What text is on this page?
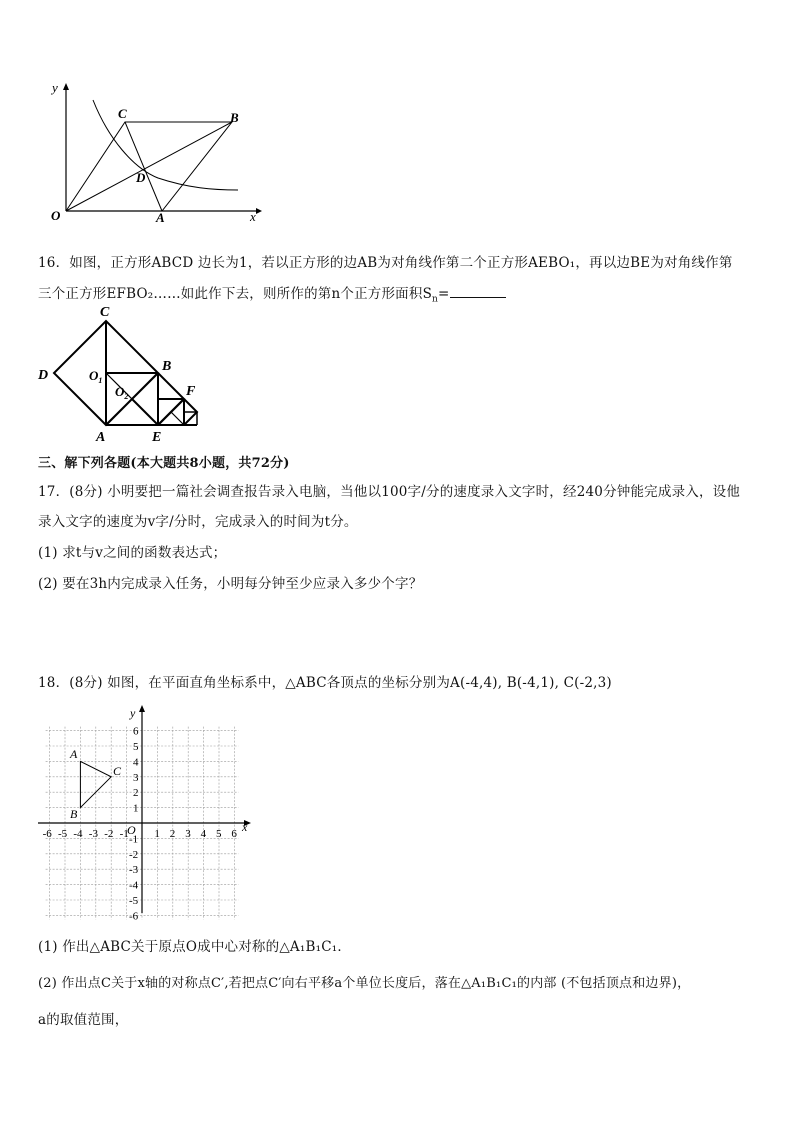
y
x
O
C	B
D
A
16．如图，正方形ABCD 边长为1，若以正方形的边AB为对角线作第二个正方形AEBO₁，再以边BE为对角线作第
三个正方形EFBO₂……如此作下去，则所作的第n个正方形面积$S_n=$
C
D
B
$O_1$
$O_2$	F
A	E
三、解下列各题(本大题共8小题，共72分)
17．(8分) 小明要把一篇社会调查报告录入电脑，当他以100字/分的速度录入文字时，经240分钟能完成录入，设他
录入文字的速度为v字/分时，完成录入的时间为t分。
(1) 求t与v之间的函数表达式；
(2) 要在3h内完成录入任务，小明每分钟至少应录入多少个字？
18．(8分) 如图，在平面直角坐标系中，△ABC各顶点的坐标分别为A(-4,4), B(-4,1), C(-2,3)
-6 -5 -4 -3 -2 -1 1 2 3 4 5 6
6
5
4
3
2
1
-1
-2
-3
-4
-5
-6
A
B
C
x
y
O
(1) 作出△ABC关于原点O成中心对称的△A₁B₁C₁．
(2) 作出点C关于x轴的对称点C′,若把点C′向右平移a个单位长度后，落在△A₁B₁C₁的内部 (不包括顶点和边界)，
a的取值范围，
